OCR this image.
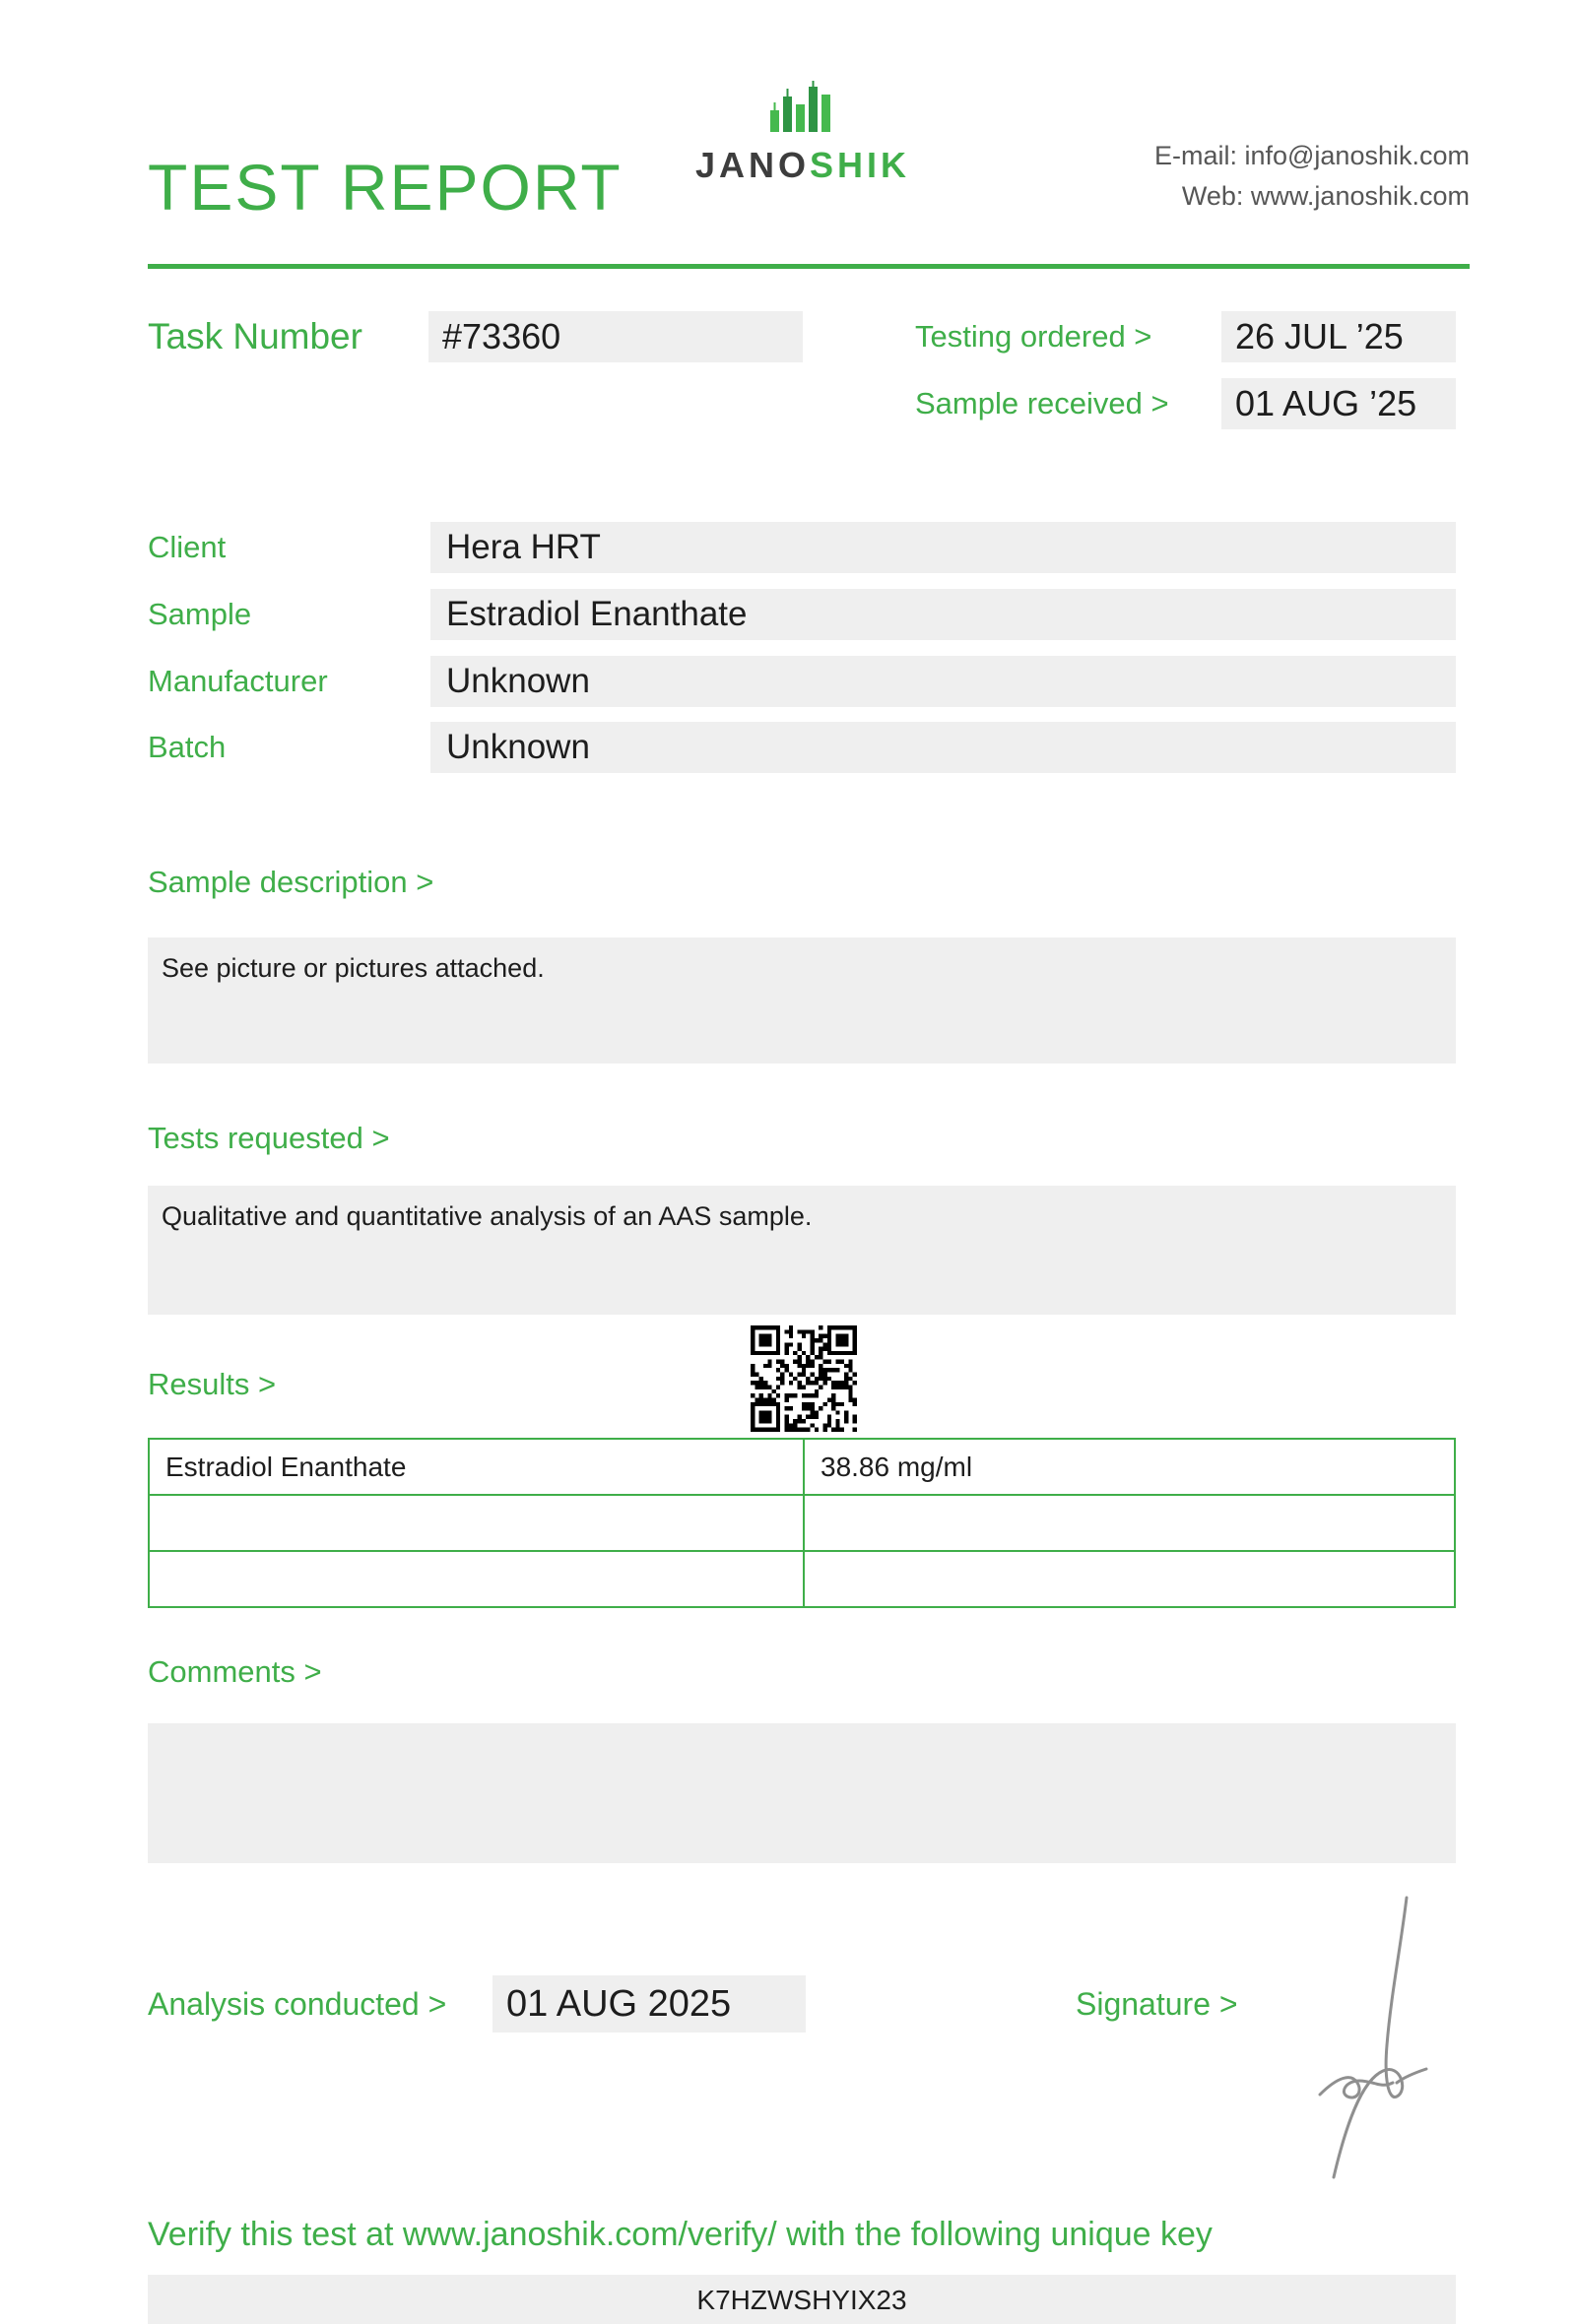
TEST REPORT	JANOSHIK	E-mail: info@janoshik.com
Web: www.janoshik.com
Task Number	#73360	Testing ordered >	26 JUL ’25
Sample received >	01 AUG ’25
Client	Hera HRT
Sample	Estradiol Enanthate
Manufacturer	Unknown
Batch	Unknown
Sample description >
See picture or pictures attached.
Tests requested >
Qualitative and quantitative analysis of an AAS sample.
Results >
Estradiol Enanthate	38.86 mg/ml

Comments >
Analysis conducted >	01 AUG 2025	Signature >
Verify this test at www.janoshik.com/verify/ with the following unique key
K7HZWSHYIX23
